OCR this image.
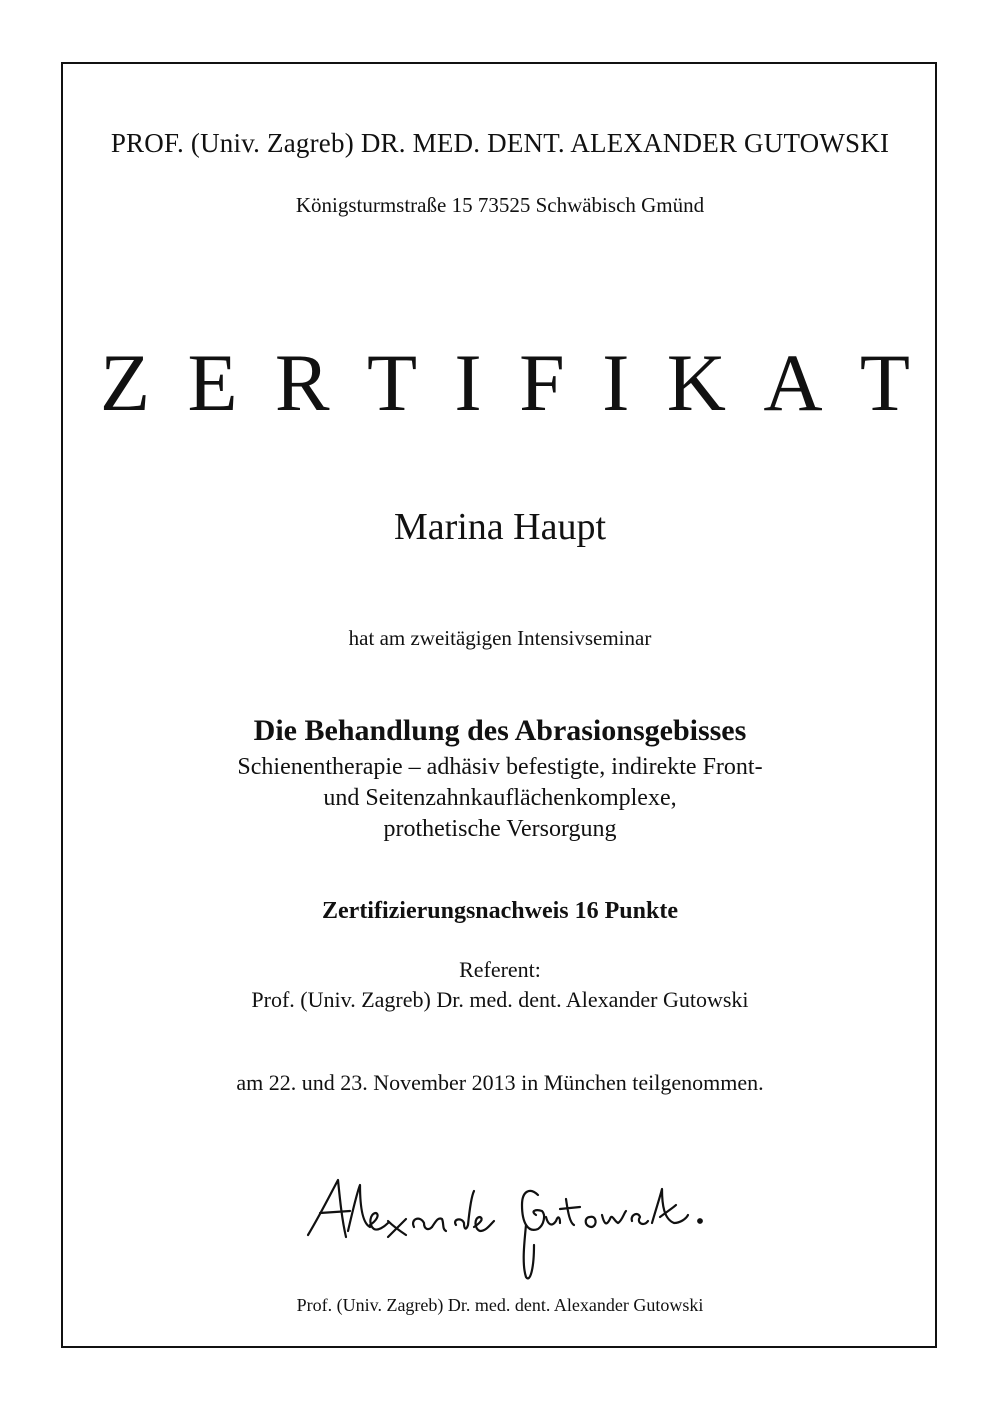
PROF. (Univ. Zagreb) DR. MED. DENT. ALEXANDER GUTOWSKI
Königsturmstraße 15 73525 Schwäbisch Gmünd
Z E R T I F I K A T
Marina Haupt
hat am zweitägigen Intensivseminar
Die Behandlung des Abrasionsgebisses
Schienentherapie – adhäsiv befestigte, indirekte Front-
und Seitenzahnkauflächenkomplexe,
prothetische Versorgung
Zertifizierungsnachweis 16 Punkte
Referent:
Prof. (Univ. Zagreb) Dr. med. dent. Alexander Gutowski
am 22. und 23. November 2013 in München teilgenommen.
Prof. (Univ. Zagreb) Dr. med. dent. Alexander Gutowski
